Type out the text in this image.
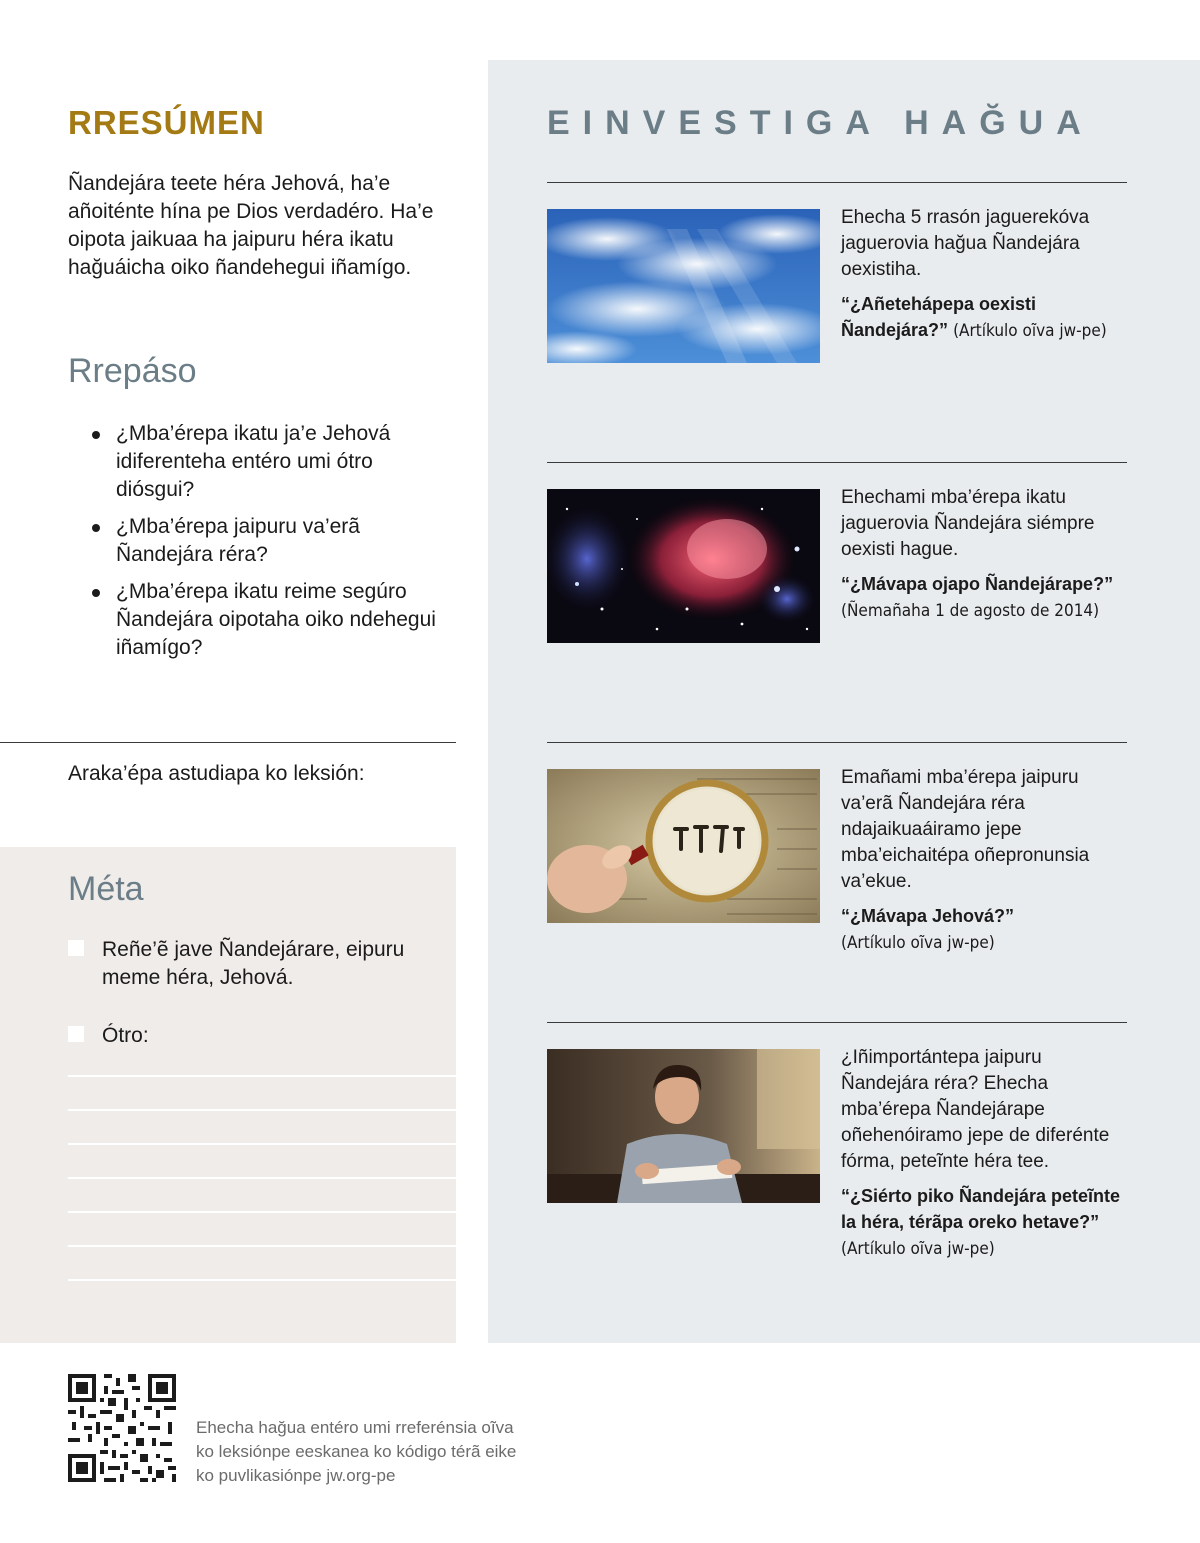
RRESÚMEN
Ñandejára teete héra Jehová, ha’e añoiténte hína pe Dios verdadéro. Ha’e oipota jaikuaa ha jaipuru héra ikatu hağuáicha oiko ñandehegui iñamígo.
Rrepáso
¿Mba’érepa ikatu ja’e Jehová idiferenteha entéro umi ótro diósgui?
¿Mba’érepa jaipuru va’erã Ñandejára réra?
¿Mba’érepa ikatu reime segúro Ñandejára oipotaha oiko ndehegui iñamígo?
Araka’épa astudiapa ko leksión:
Méta
Reñe’ẽ jave Ñandejárare, eipuru meme héra, Jehová.
Ótro:
EINVESTIGA HAĞUA

Ehecha 5 rrasón jaguerekóva jaguerovia hağua Ñandejára oexistiha.

“¿Añetehápepa oexisti Ñandejára?” (Artíkulo oĩva jw-pe)

Ehechami mba’érepa ikatu jaguerovia Ñandejára siémpre oexisti hague.

“¿Mávapa ojapo Ñandejárape?” (Ñemañaha 1 de agosto de 2014)

Emañami mba’érepa jaipuru va’erã Ñandejára réra ndajaikuaáiramo jepe mba’eichaitépa oñepronunsia va’ekue.

“¿Mávapa Jehová?”
(Artíkulo oĩva jw-pe)

¿Iñimportántepa jaipuru Ñandejára réra? Ehecha mba’érepa Ñandejárape oñehenóiramo jepe de diferénte fórma, peteĩnte héra tee.

“¿Siérto piko Ñandejára peteĩnte la héra, térãpa oreko hetave?” (Artíkulo oĩva jw-pe)

Ehecha hağua entéro umi rreferénsia oĩva ko leksiónpe eeskanea ko kódigo térã eike ko puvlikasiónpe jw.org-pe
